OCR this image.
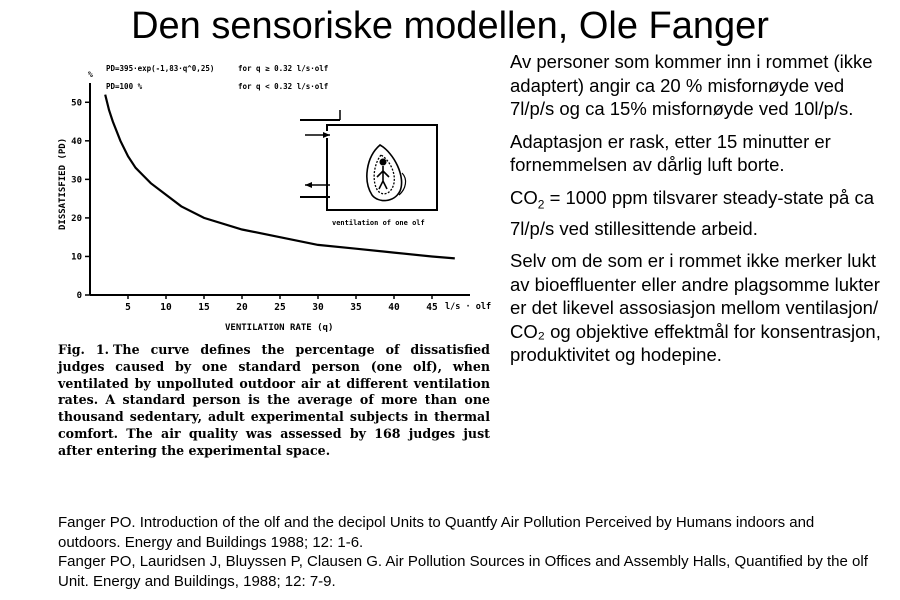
Den sensoriske modellen, Ole Fanger
%
PD=395·exp(-1,83·q^0,25)	for q ≥ 0.32 l/s·olf
PD=100 %	for q < 0.32 l/s·olf
0
10
20
30
40
50
5	10	15	20	25	30	35	40	45 l/s · olf
VENTILATION RATE (q)
DISSATISFIED (PD)	ventilation of one olf

Fig. 1. The curve defines the percentage of dissatisfied judges caused by one standard person (one olf), when ventilated by unpolluted outdoor air at different ventilation rates. A standard person is the average of more than one thousand sedentary, adult experimental subjects in thermal comfort. The air quality was assessed by 168 judges just after entering the experimental space.

Av personer som kommer inn i rommet (ikke adaptert) angir ca 20 % misfornøyde ved 7l/p/s og ca 15% misfornøyde ved 10l/p/s.

Adaptasjon er rask, etter 15 minutter er fornemmelsen av dårlig luft borte.

$CO_2 = 1000$ ppm tilsvarer steady-state på ca 7l/p/s ved stillesittende arbeid.

Selv om de som er i rommet ikke merker lukt av bioeffluenter eller andre plagsomme lukter er det likevel assosiasjon mellom ventilasjon/ CO₂ og objektive effektmål for konsentrasjon, produktivitet og hodepine.

Fanger PO. Introduction of the olf and the decipol Units to Quantfy Air Pollution Perceived by Humans indoors and outdoors. Energy and Buildings 1988; 12: 1-6.

Fanger PO, Lauridsen J, Bluyssen P, Clausen G. Air Pollution Sources in Offices and Assembly Halls, Quantified by the olf Unit. Energy and Buildings, 1988; 12: 7-9.
